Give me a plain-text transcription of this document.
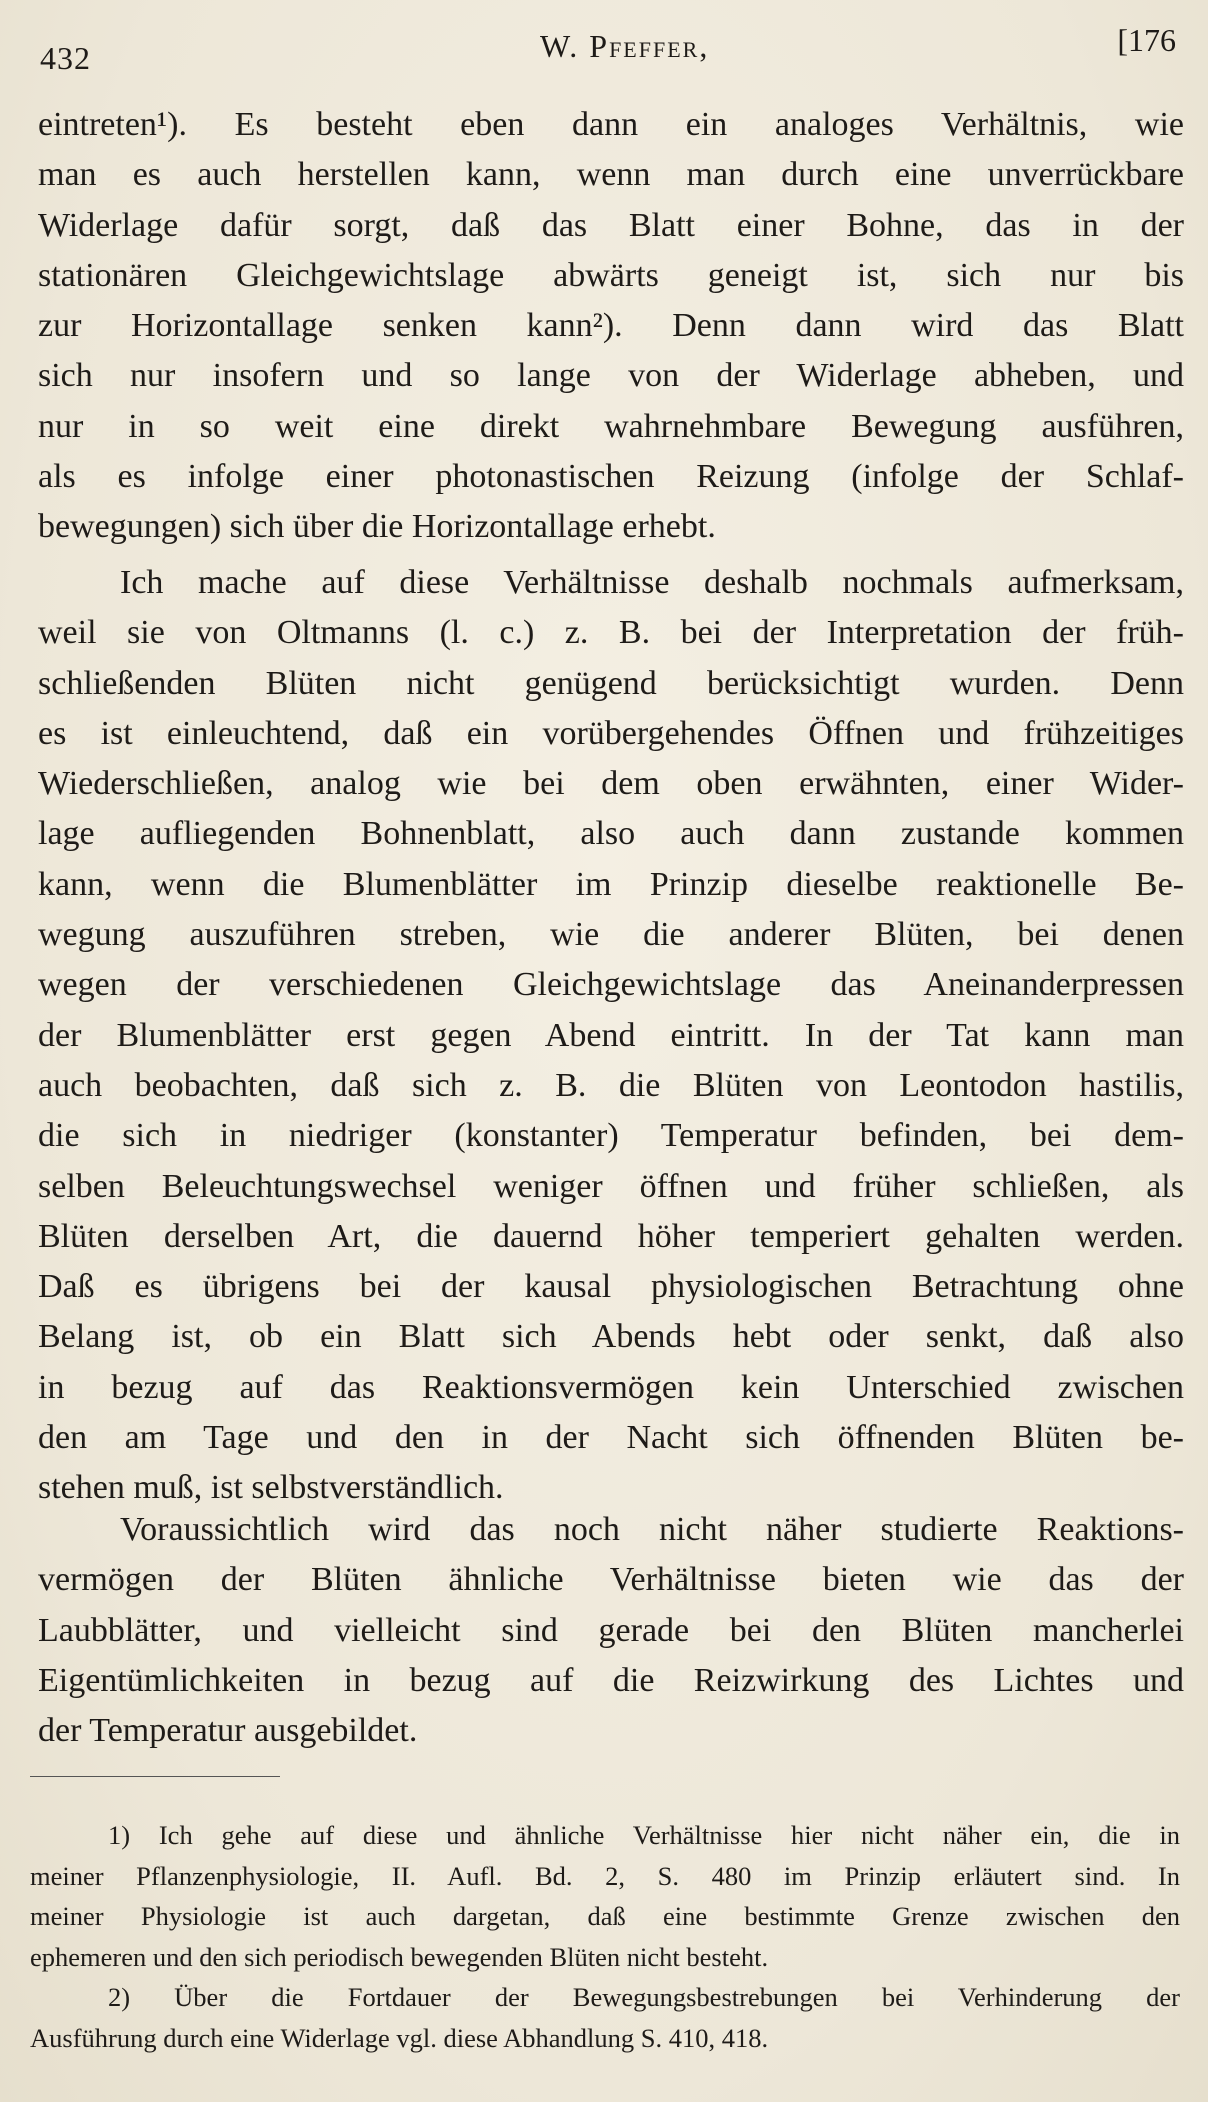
432	W. Pfeffer,	[176
eintreten¹). Es besteht eben dann ein analoges Verhältnis, wie
man es auch herstellen kann, wenn man durch eine unverrückbare
Widerlage dafür sorgt, daß das Blatt einer Bohne, das in der
stationären Gleichgewichtslage abwärts geneigt ist, sich nur bis
zur Horizontallage senken kann²). Denn dann wird das Blatt
sich nur insofern und so lange von der Widerlage abheben, und
nur in so weit eine direkt wahrnehmbare Bewegung ausführen,
als es infolge einer photonastischen Reizung (infolge der Schlaf-
bewegungen) sich über die Horizontallage erhebt.
Ich mache auf diese Verhältnisse deshalb nochmals aufmerksam,
weil sie von Oltmanns (l. c.) z. B. bei der Interpretation der früh-
schließenden Blüten nicht genügend berücksichtigt wurden. Denn
es ist einleuchtend, daß ein vorübergehendes Öffnen und frühzeitiges
Wiederschließen, analog wie bei dem oben erwähnten, einer Wider-
lage aufliegenden Bohnenblatt, also auch dann zustande kommen
kann, wenn die Blumenblätter im Prinzip dieselbe reaktionelle Be-
wegung auszuführen streben, wie die anderer Blüten, bei denen
wegen der verschiedenen Gleichgewichtslage das Aneinanderpressen
der Blumenblätter erst gegen Abend eintritt. In der Tat kann man
auch beobachten, daß sich z. B. die Blüten von Leontodon hastilis,
die sich in niedriger (konstanter) Temperatur befinden, bei dem-
selben Beleuchtungswechsel weniger öffnen und früher schließen, als
Blüten derselben Art, die dauernd höher temperiert gehalten werden.
Daß es übrigens bei der kausal physiologischen Betrachtung ohne
Belang ist, ob ein Blatt sich Abends hebt oder senkt, daß also
in bezug auf das Reaktionsvermögen kein Unterschied zwischen
den am Tage und den in der Nacht sich öffnenden Blüten be-
stehen muß, ist selbstverständlich.
Voraussichtlich wird das noch nicht näher studierte Reaktions-
vermögen der Blüten ähnliche Verhältnisse bieten wie das der
Laubblätter, und vielleicht sind gerade bei den Blüten mancherlei
Eigentümlichkeiten in bezug auf die Reizwirkung des Lichtes und
der Temperatur ausgebildet.
1) Ich gehe auf diese und ähnliche Verhältnisse hier nicht näher ein, die in
meiner Pflanzenphysiologie, II. Aufl. Bd. 2, S. 480 im Prinzip erläutert sind. In
meiner Physiologie ist auch dargetan, daß eine bestimmte Grenze zwischen den
ephemeren und den sich periodisch bewegenden Blüten nicht besteht.
2) Über die Fortdauer der Bewegungsbestrebungen bei Verhinderung der
Ausführung durch eine Widerlage vgl. diese Abhandlung S. 410, 418.
